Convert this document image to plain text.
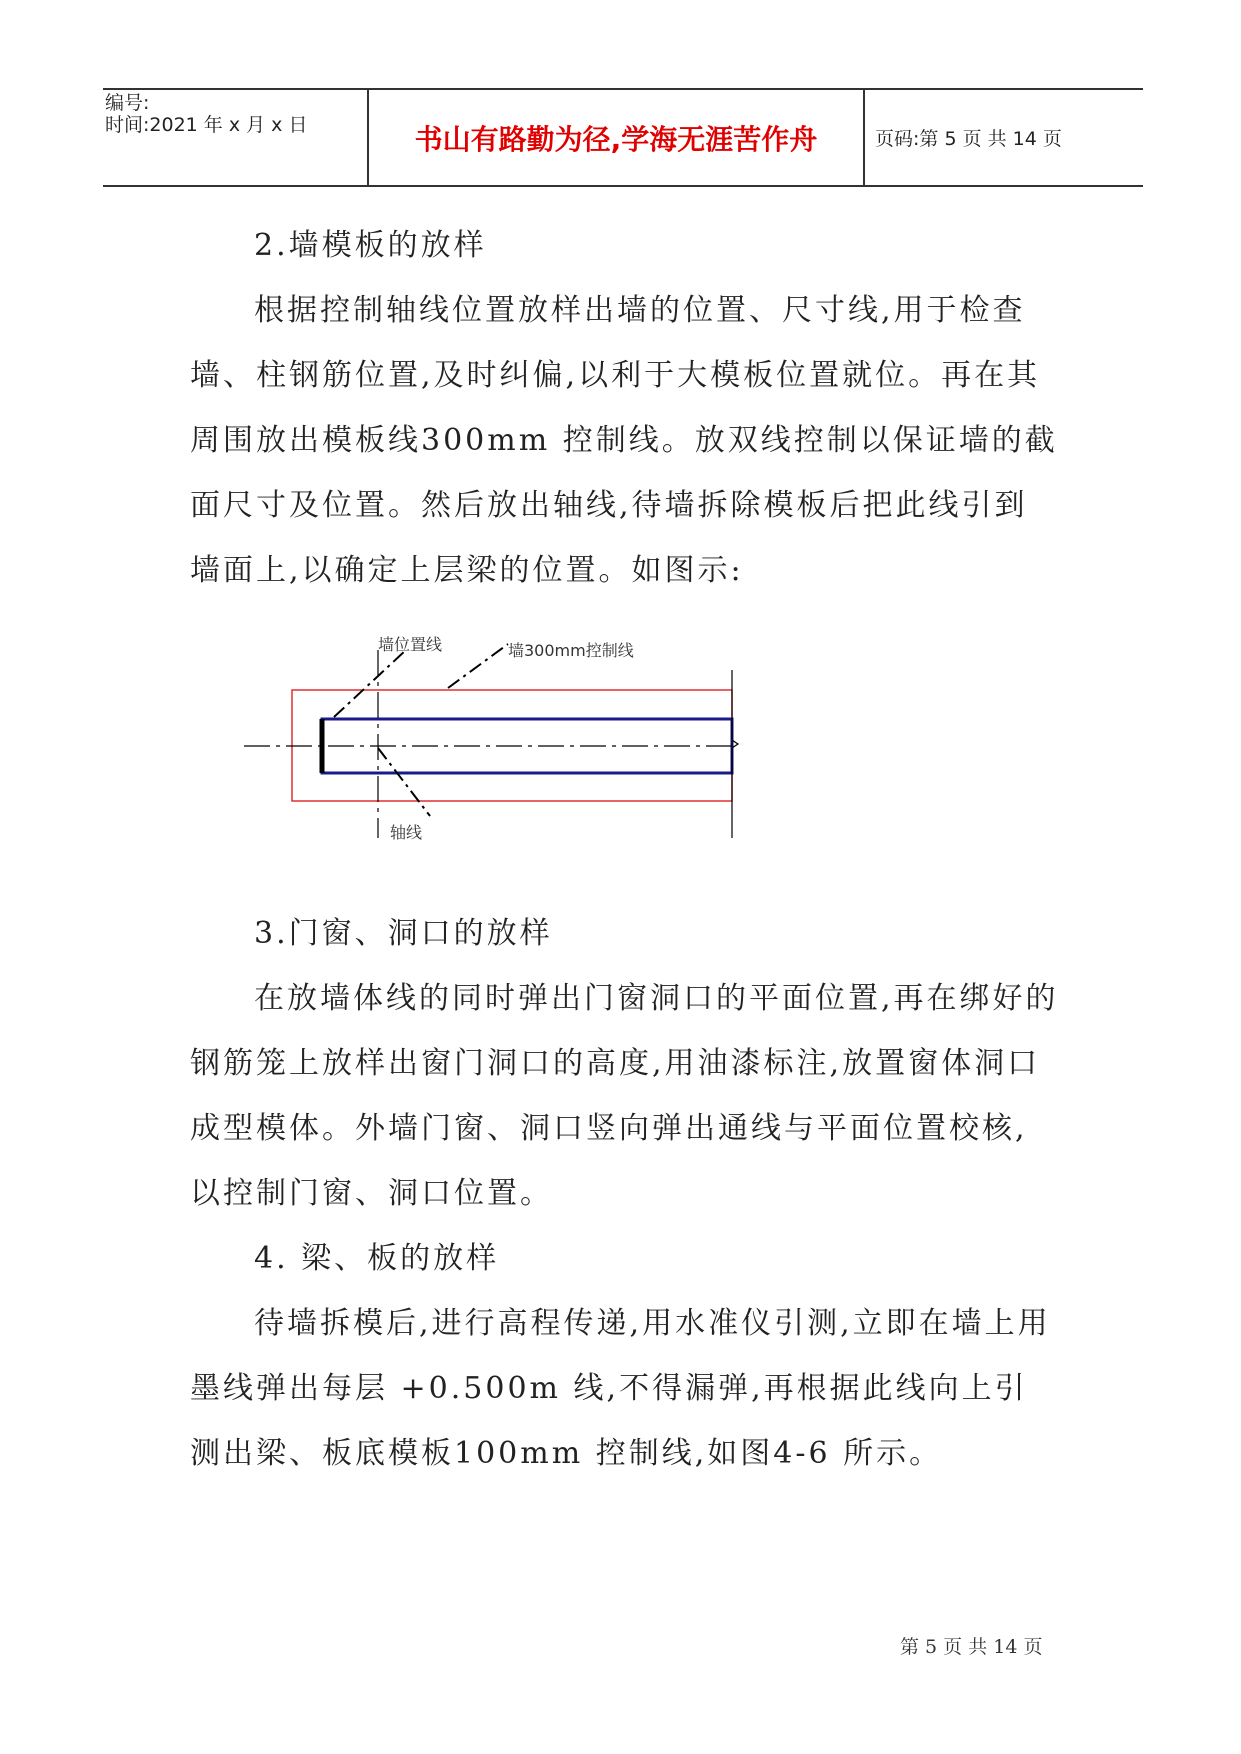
编号:
时间:2021 年 x 月 x 日	书山有路勤为径,学海无涯苦作舟	页码:第 5 页 共 14 页

2.墙模板的放样

根据控制轴线位置放样出墙的位置、尺寸线,用于检查墙、柱钢筋位置,及时纠偏,以利于大模板位置就位。再在其周围放出模板线300mm 控制线。放双线控制以保证墙的截面尺寸及位置。然后放出轴线,待墙拆除模板后把此线引到墙面上,以确定上层梁的位置。如图示:

墙位置线	墙300mm控制线
轴线

3.门窗、洞口的放样

在放墙体线的同时弹出门窗洞口的平面位置,再在绑好的钢筋笼上放样出窗门洞口的高度,用油漆标注,放置窗体洞口成型模体。外墙门窗、洞口竖向弹出通线与平面位置校核,以控制门窗、洞口位置。

4. 梁、板的放样

待墙拆模后,进行高程传递,用水准仪引测,立即在墙上用墨线弹出每层 +0.500m 线,不得漏弹,再根据此线向上引测出梁、板底模板100mm 控制线,如图4-6 所示。

第 5 页 共 14 页
